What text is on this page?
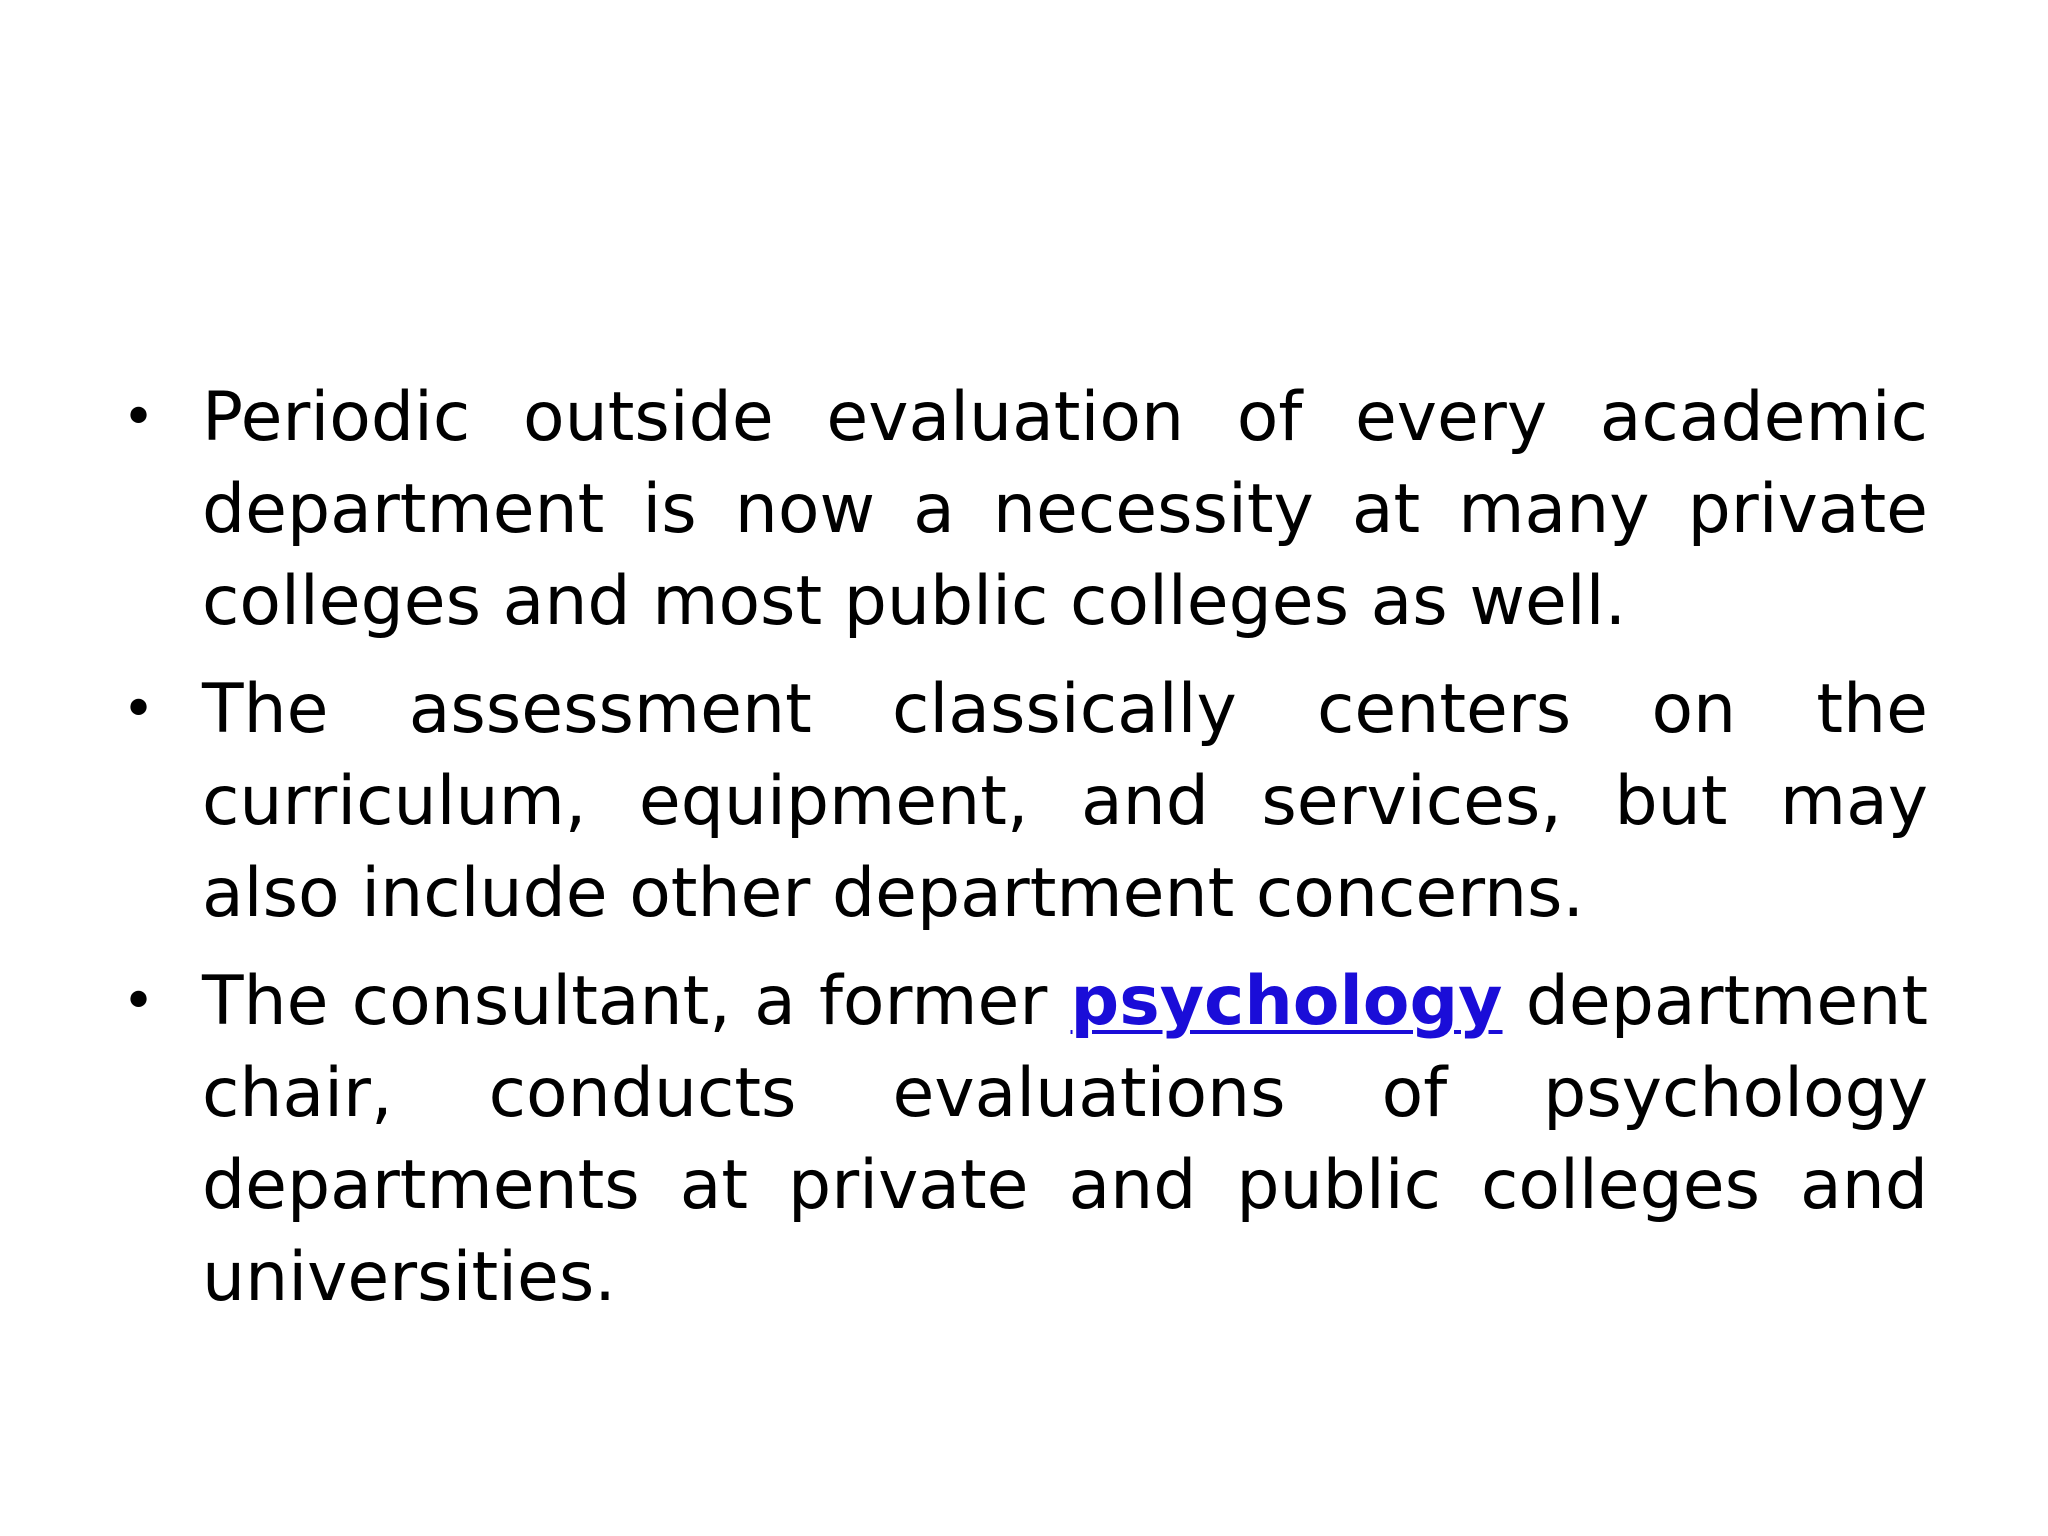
• Periodic outside evaluation of every academic department is now a necessity at many private colleges and most public colleges as well.
• The assessment classically centers on the curriculum, equipment, and services, but may also include other department concerns.
• The consultant, a former psychology department chair, conducts evaluations of psychology departments at private and public colleges and universities.
